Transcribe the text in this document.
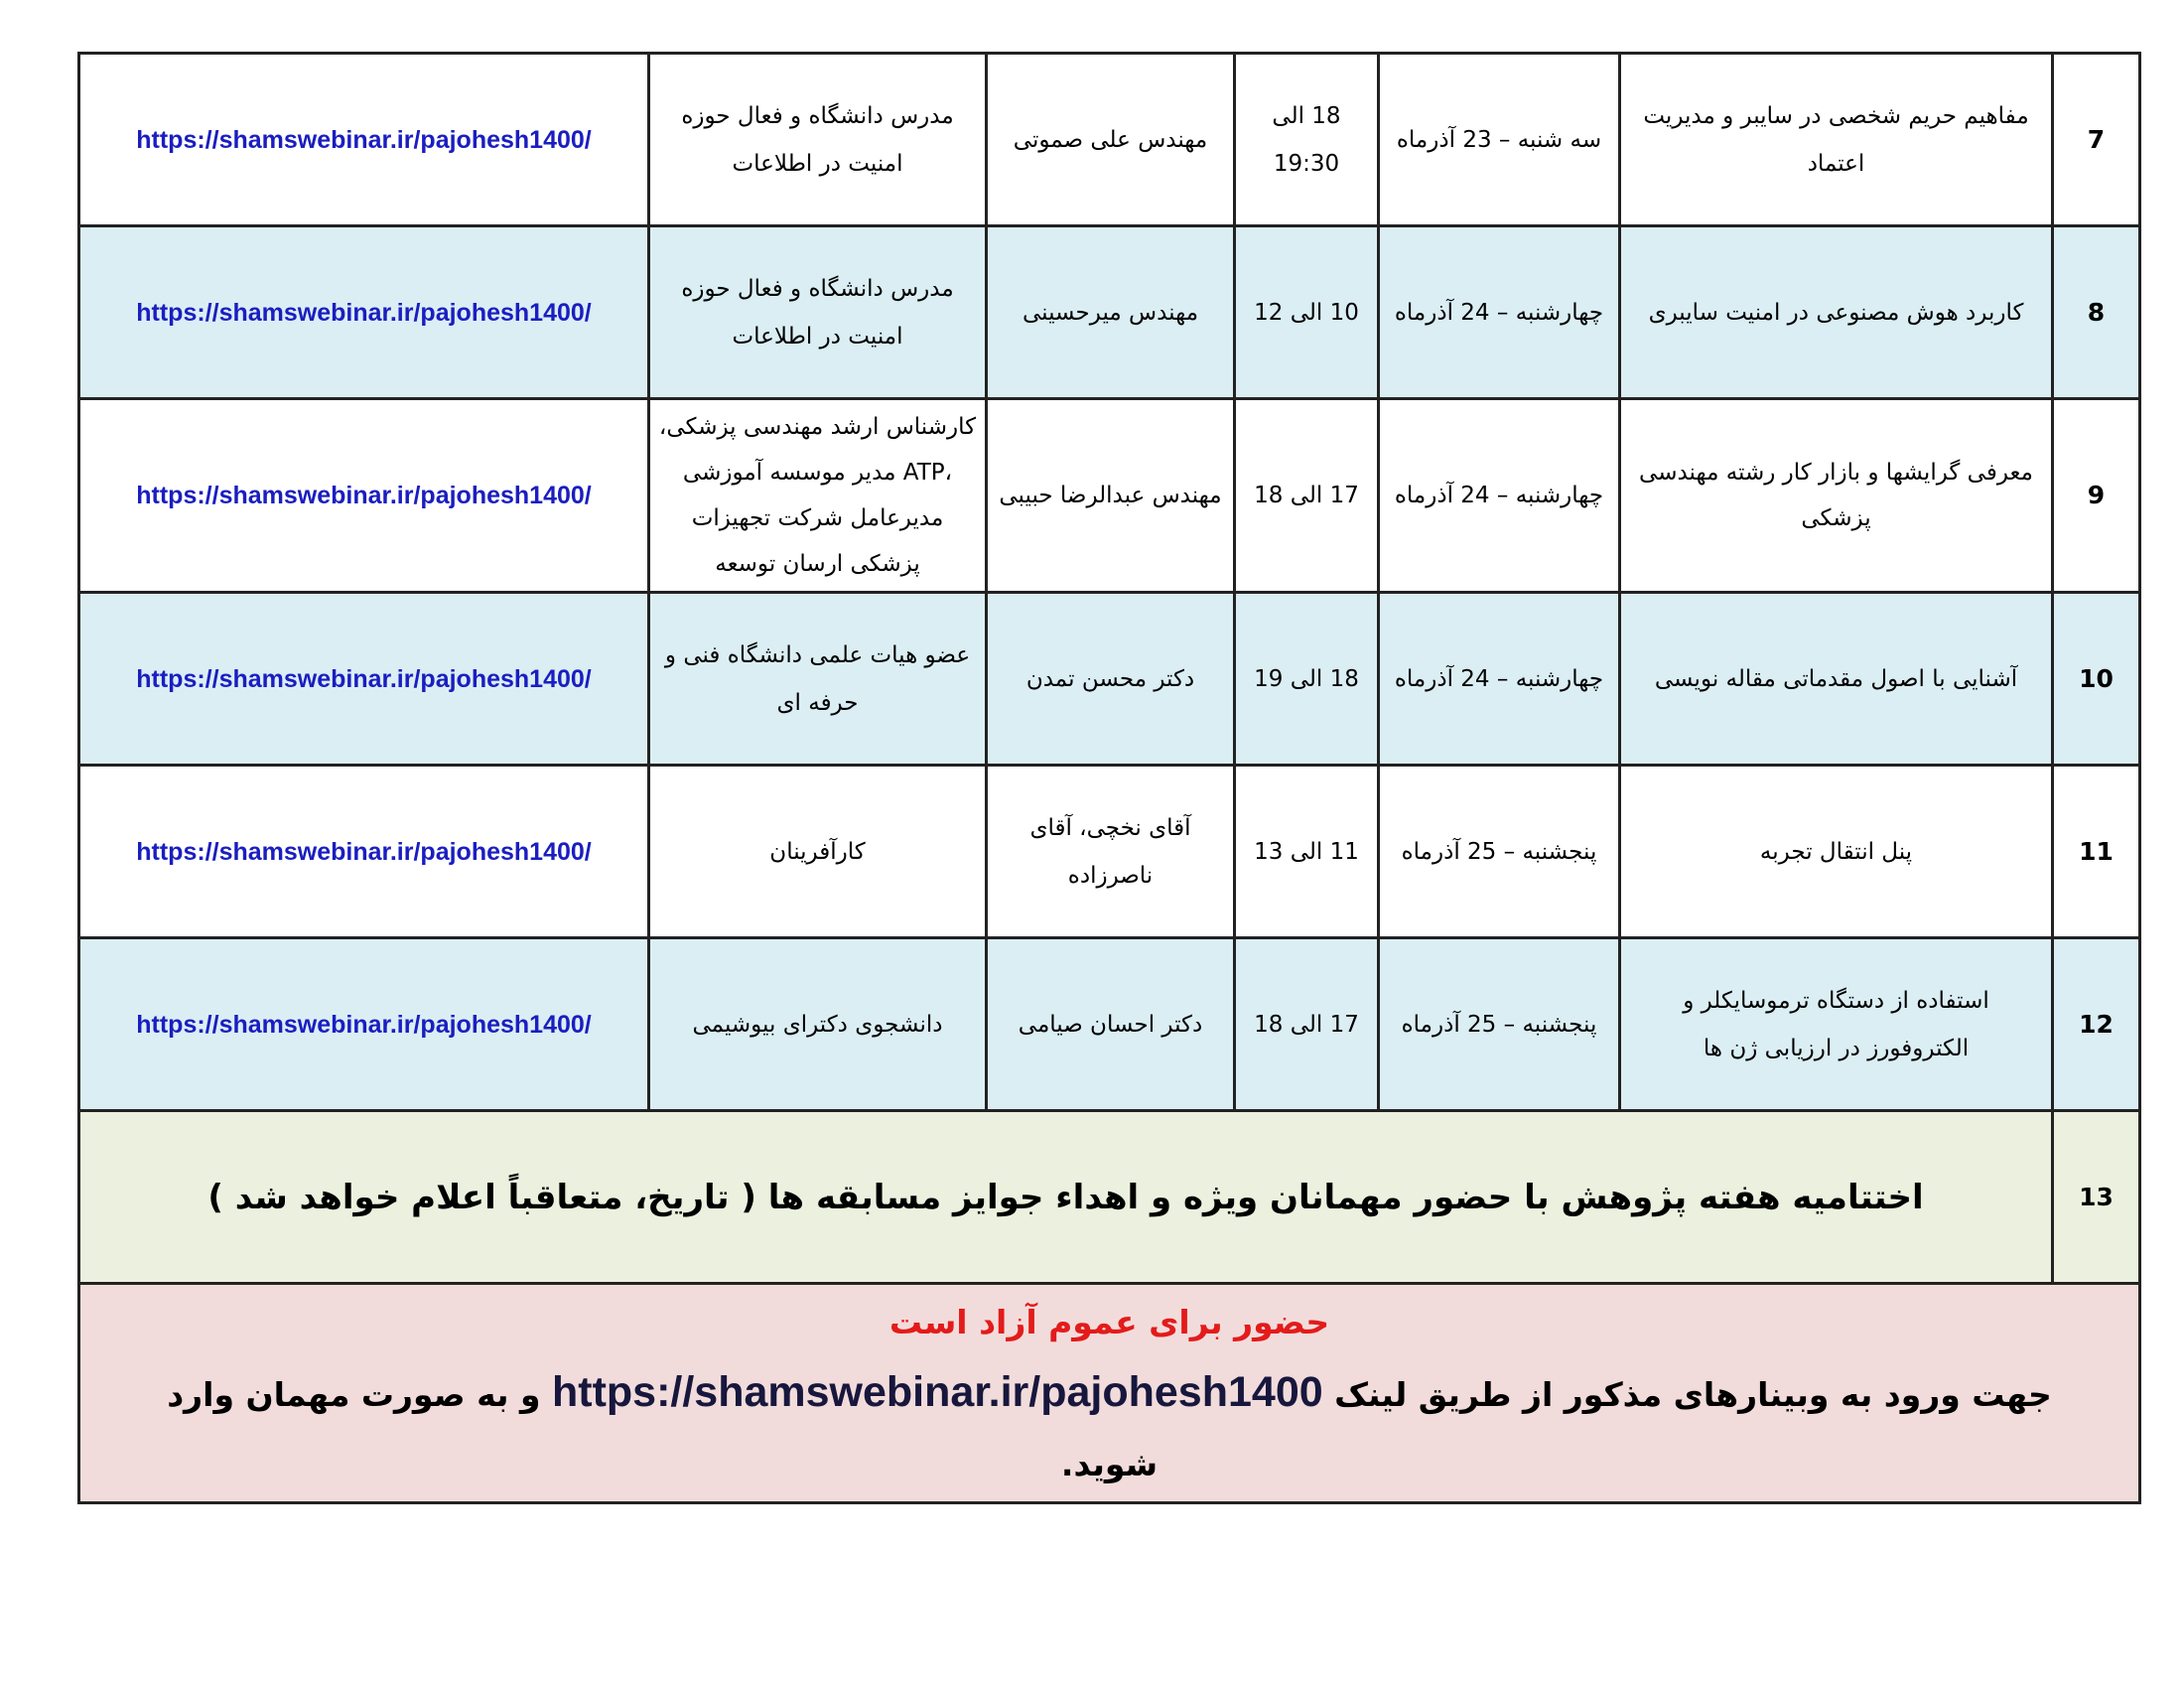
https://shamswebinar.ir/pajohesh1400/	مدرس دانشگاه و فعال حوزه امنیت در اطلاعات	مهندس علی صموتی	18 الی 19:30	سه شنبه – 23 آذرماه	مفاهیم حریم شخصی در سایبر و مدیریت اعتماد	7
https://shamswebinar.ir/pajohesh1400/	مدرس دانشگاه و فعال حوزه امنیت در اطلاعات	مهندس میرحسینی	10 الی 12	چهارشنبه – 24 آذرماه	کاربرد هوش مصنوعی در امنیت سایبری	8
https://shamswebinar.ir/pajohesh1400/	کارشناس ارشد مهندسی پزشکی، مدیر موسسه آموزشی ATP، مدیرعامل شرکت تجهیزات پزشکی ارسان توسعه	مهندس عبدالرضا حبیبی	17 الی 18	چهارشنبه – 24 آذرماه	معرفی گرایشها و بازار کار رشته مهندسی پزشکی	9
https://shamswebinar.ir/pajohesh1400/	عضو هیات علمی دانشگاه فنی و حرفه ای	دکتر محسن تمدن	18 الی 19	چهارشنبه – 24 آذرماه	آشنایی با اصول مقدماتی مقاله نویسی	10
https://shamswebinar.ir/pajohesh1400/	کارآفرینان	آقای نخچی، آقای ناصرزاده	11 الی 13	پنجشنبه – 25 آذرماه	پنل انتقال تجربه	11
https://shamswebinar.ir/pajohesh1400/	دانشجوی دکترای بیوشیمی	دکتر احسان صیامی	17 الی 18	پنجشنبه – 25 آذرماه	استفاده از دستگاه ترموسایکلر و الکتروفورز در ارزیابی ژن ها	12
اختتامیه هفته پژوهش با حضور مهمانان ویژه و اهداء جوایز مسابقه ها ( تاریخ، متعاقباً اعلام خواهد شد )						13

حضور برای عموم آزاد است
جهت ورود به وبینارهای مذکور از طریق لینک https://shamswebinar.ir/pajohesh1400 و به صورت مهمان وارد شوید.						
